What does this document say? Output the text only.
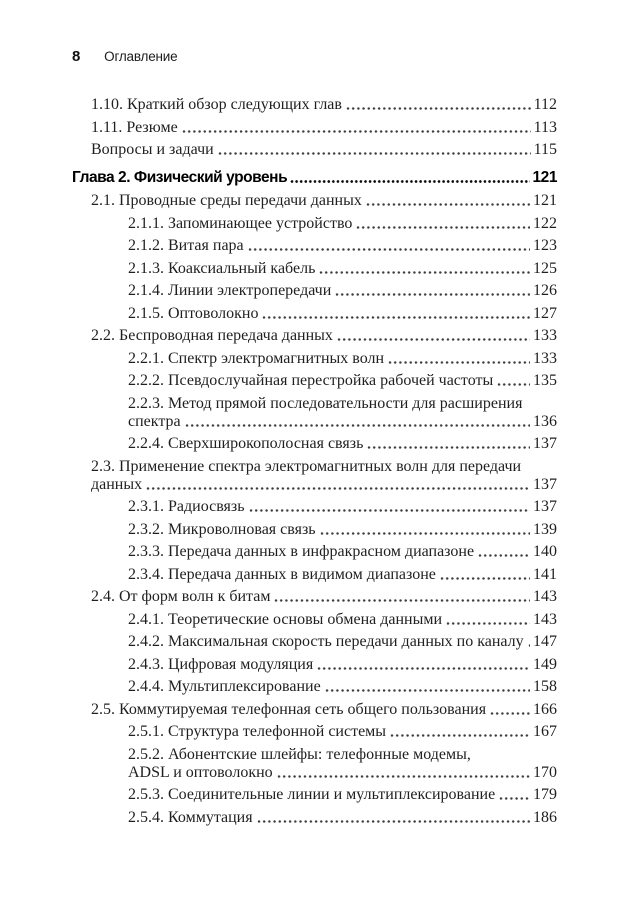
8 Оглавление
1.10. Краткий обзор следующих глав	112
1.11. Резюме	113
Вопросы и задачи	115
Глава 2. Физический уровень	121
2.1. Проводные среды передачи данных	121
2.1.1. Запоминающее устройство	122
2.1.2. Витая пара	123
2.1.3. Коаксиальный кабель	125
2.1.4. Линии электропередачи	126
2.1.5. Оптоволокно	127
2.2. Беспроводная передача данных	133
2.2.1. Спектр электромагнитных волн	133
2.2.2. Псевдослучайная перестройка рабочей частоты 135
2.2.3. Метод прямой последовательности для расширения
спектра	136
2.2.4. Сверхширокополосная связь	137
2.3. Применение спектра электромагнитных волн для передачи
данных	137
2.3.1. Радиосвязь	137
2.3.2. Микроволновая связь	139
2.3.3. Передача данных в инфракрасном диапазоне	140
2.3.4. Передача данных в видимом диапазоне	141
2.4. От форм волн к битам	143
2.4.1. Теоретические основы обмена данными	143
2.4.2. Максимальная скорость передачи данных по каналу 147
2.4.3. Цифровая модуляция	149
2.4.4. Мультиплексирование	158
2.5. Коммутируемая телефонная сеть общего пользования	166
2.5.1. Структура телефонной системы	167
2.5.2. Абонентские шлейфы: телефонные модемы,
ADSL и оптоволокно	170
2.5.3. Соединительные линии и мультиплексирование 179
2.5.4. Коммутация	186
